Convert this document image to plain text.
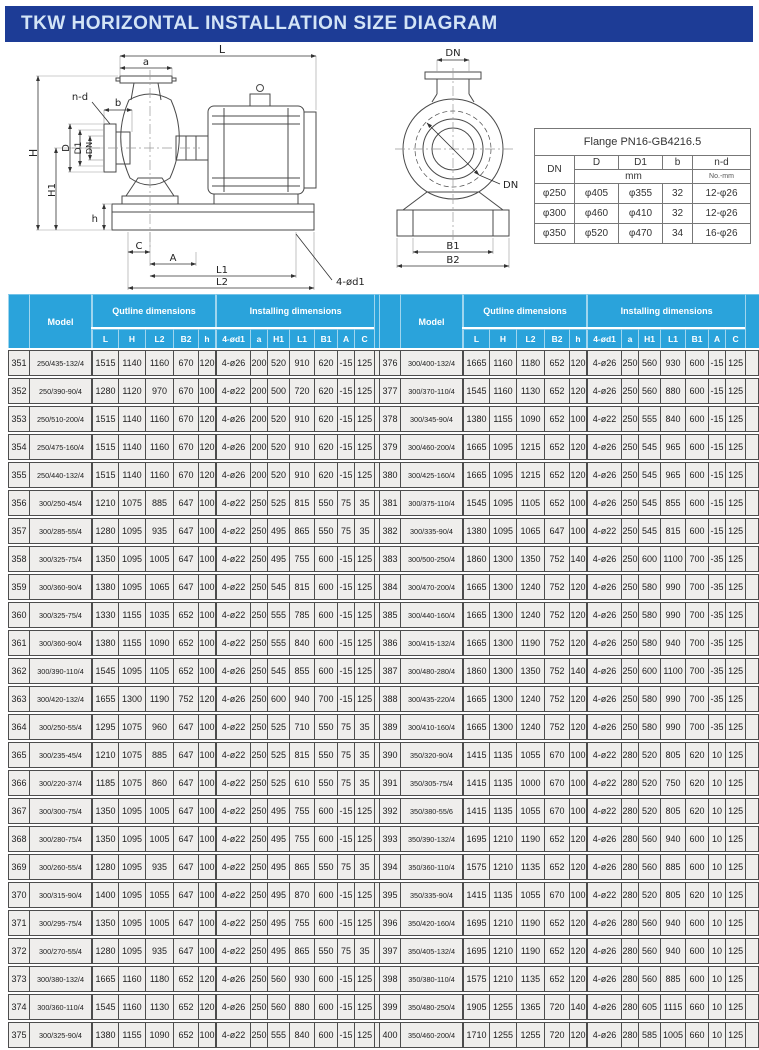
TKW HORIZONTAL INSTALLATION SIZE DIAGRAM
L
a
b
n-d
D D1 DN
H
H1
h
C
A
L1
L2	4-ød1
DN
DN
B1
B2
Flange PN16-GB4216.5				
DN	D	D1	b	n-d
	mm			No.-mm
φ250	φ405	φ355	32	12-φ26
φ300	φ460	φ410	32	12-φ26
φ350	φ520	φ470	34	16-φ26
	Model	Qutline dimensions					Installing dimensions							
		L	H	L2	B2	h	4-ød1	a	H1	L1	B1	A	C	
351	250/435-132/4	1515	1140	1160	670	120	4-ø26	200	520	910	620	-15	125	
352	250/390-90/4	1280	1120	970	670	100	4-ø22	200	500	720	620	-15	125	
353	250/510-200/4	1515	1140	1160	670	120	4-ø26	200	520	910	620	-15	125	
354	250/475-160/4	1515	1140	1160	670	120	4-ø26	200	520	910	620	-15	125	
355	250/440-132/4	1515	1140	1160	670	120	4-ø26	200	520	910	620	-15	125	
356	300/250-45/4	1210	1075	885	647	100	4-ø22	250	525	815	550	75	35	
357	300/285-55/4	1280	1095	935	647	100	4-ø22	250	495	865	550	75	35	
358	300/325-75/4	1350	1095	1005	647	100	4-ø22	250	495	755	600	-15	125	
359	300/360-90/4	1380	1095	1065	647	100	4-ø22	250	545	815	600	-15	125	
360	300/325-75/4	1330	1155	1035	652	100	4-ø22	250	555	785	600	-15	125	
361	300/360-90/4	1380	1155	1090	652	100	4-ø22	250	555	840	600	-15	125	
362	300/390-110/4	1545	1095	1105	652	100	4-ø26	250	545	855	600	-15	125	
363	300/420-132/4	1655	1300	1190	752	120	4-ø26	250	600	940	700	-15	125	
364	300/250-55/4	1295	1075	960	647	100	4-ø22	250	525	710	550	75	35	
365	300/235-45/4	1210	1075	885	647	100	4-ø22	250	525	815	550	75	35	
366	300/220-37/4	1185	1075	860	647	100	4-ø22	250	525	610	550	75	35	
367	300/300-75/4	1350	1095	1005	647	100	4-ø22	250	495	755	600	-15	125	
368	300/280-75/4	1350	1095	1005	647	100	4-ø22	250	495	755	600	-15	125	
369	300/260-55/4	1280	1095	935	647	100	4-ø22	250	495	865	550	75	35	
370	300/315-90/4	1400	1095	1055	647	100	4-ø22	250	495	870	600	-15	125	
371	300/295-75/4	1350	1095	1005	647	100	4-ø22	250	495	755	600	-15	125	
372	300/270-55/4	1280	1095	935	647	100	4-ø22	250	495	865	550	75	35	
373	300/380-132/4	1665	1160	1180	652	120	4-ø26	250	560	930	600	-15	125	
374	300/360-110/4	1545	1160	1130	652	120	4-ø26	250	560	880	600	-15	125	
375	300/325-90/4	1380	1155	1090	652	100	4-ø22	250	555	840	600	-15	125	
	Model	Qutline dimensions					Installing dimensions							
		L	H	L2	B2	h	4-ød1	a	H1	L1	B1	A	C	
376	300/400-132/4	1665	1160	1180	652	120	4-ø26	250	560	930	600	-15	125	
377	300/370-110/4	1545	1160	1130	652	120	4-ø26	250	560	880	600	-15	125	
378	300/345-90/4	1380	1155	1090	652	100	4-ø22	250	555	840	600	-15	125	
379	300/460-200/4	1665	1095	1215	652	120	4-ø26	250	545	965	600	-15	125	
380	300/425-160/4	1665	1095	1215	652	120	4-ø26	250	545	965	600	-15	125	
381	300/375-110/4	1545	1095	1105	652	100	4-ø26	250	545	855	600	-15	125	
382	300/335-90/4	1380	1095	1065	647	100	4-ø22	250	545	815	600	-15	125	
383	300/500-250/4	1860	1300	1350	752	140	4-ø26	250	600	1100	700	-35	125	
384	300/470-200/4	1665	1300	1240	752	120	4-ø26	250	580	990	700	-35	125	
385	300/440-160/4	1665	1300	1240	752	120	4-ø26	250	580	990	700	-35	125	
386	300/415-132/4	1665	1300	1190	752	120	4-ø26	250	580	940	700	-35	125	
387	300/480-280/4	1860	1300	1350	752	140	4-ø26	250	600	1100	700	-35	125	
388	300/435-220/4	1665	1300	1240	752	120	4-ø26	250	580	990	700	-35	125	
389	300/410-160/4	1665	1300	1240	752	120	4-ø26	250	580	990	700	-35	125	
390	350/320-90/4	1415	1135	1055	670	100	4-ø22	280	520	805	620	10	125	
391	350/305-75/4	1415	1135	1000	670	100	4-ø22	280	520	750	620	10	125	
392	350/380-55/6	1415	1135	1055	670	100	4-ø22	280	520	805	620	10	125	
393	350/390-132/4	1695	1210	1190	652	120	4-ø26	280	560	940	600	10	125	
394	350/360-110/4	1575	1210	1135	652	120	4-ø26	280	560	885	600	10	125	
395	350/335-90/4	1415	1135	1055	670	100	4-ø22	280	520	805	620	10	125	
396	350/420-160/4	1695	1210	1190	652	120	4-ø26	280	560	940	600	10	125	
397	350/405-132/4	1695	1210	1190	652	120	4-ø26	280	560	940	600	10	125	
398	350/380-110/4	1575	1210	1135	652	120	4-ø26	280	560	885	600	10	125	
399	350/480-250/4	1905	1255	1365	720	140	4-ø26	280	605	1115	660	10	125	
400	350/460-200/4	1710	1255	1255	720	120	4-ø26	280	585	1005	660	10	125	
